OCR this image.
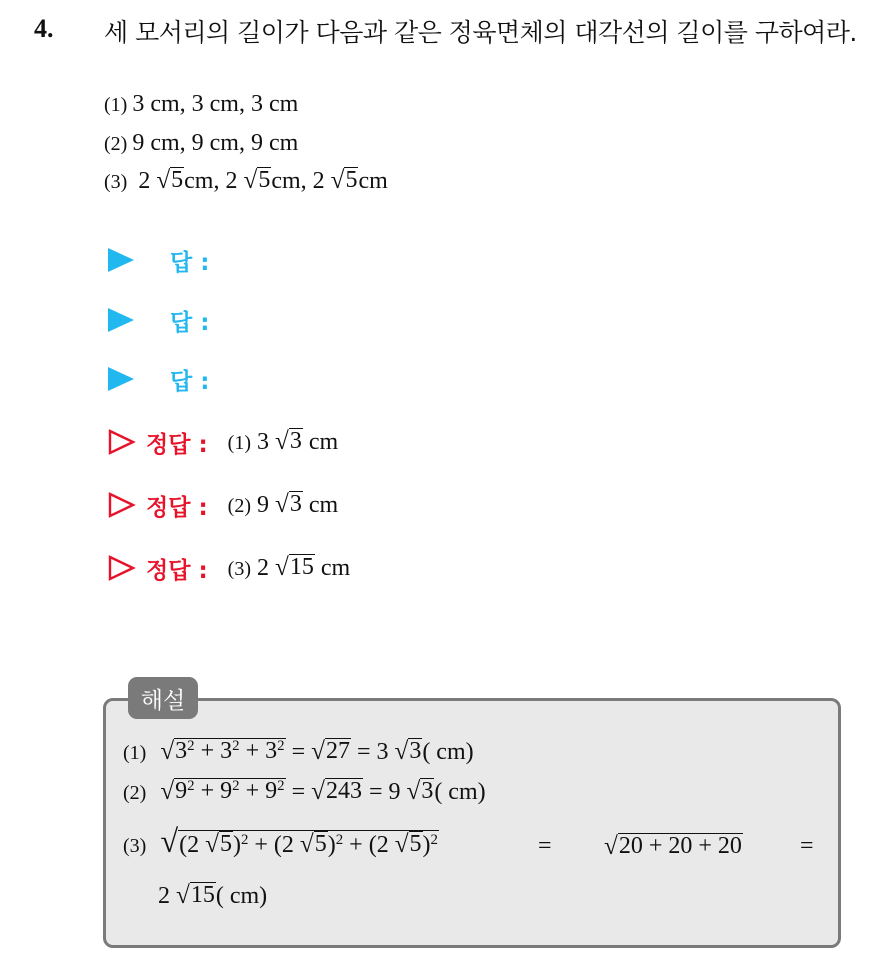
4. 세 모서리의 길이가 다음과 같은 정육면체의 대각선의 길이를 구하여라.
(1) 3 cm, 3 cm, 3 cm
(2) 9 cm, 9 cm, 9 cm
(3) 2 √ 5 cm, 2 √ 5 cm, 2 √ 5 cm
답 :
답 :
답 :
정답 : (1) 3 √ 3 cm
정답 : (2) 9 √ 3 cm
정답 : (3) 2 √ 15 cm
해설
(1) √ $3^2 + 3^2 + 3^2$ = √ 27 = 3 √ 3 ( cm)
(2) √ $9^2 + 9^2 + 9^2$ = √ 243 = 9 √ 3 ( cm)
(3) √ (2 √ 5 )$^2$ + (2 √ 5 )$^2$ + (2 √ 5 )$^2$	= √ 20 + 20 + 20 =
2 √ 15 ( cm)
